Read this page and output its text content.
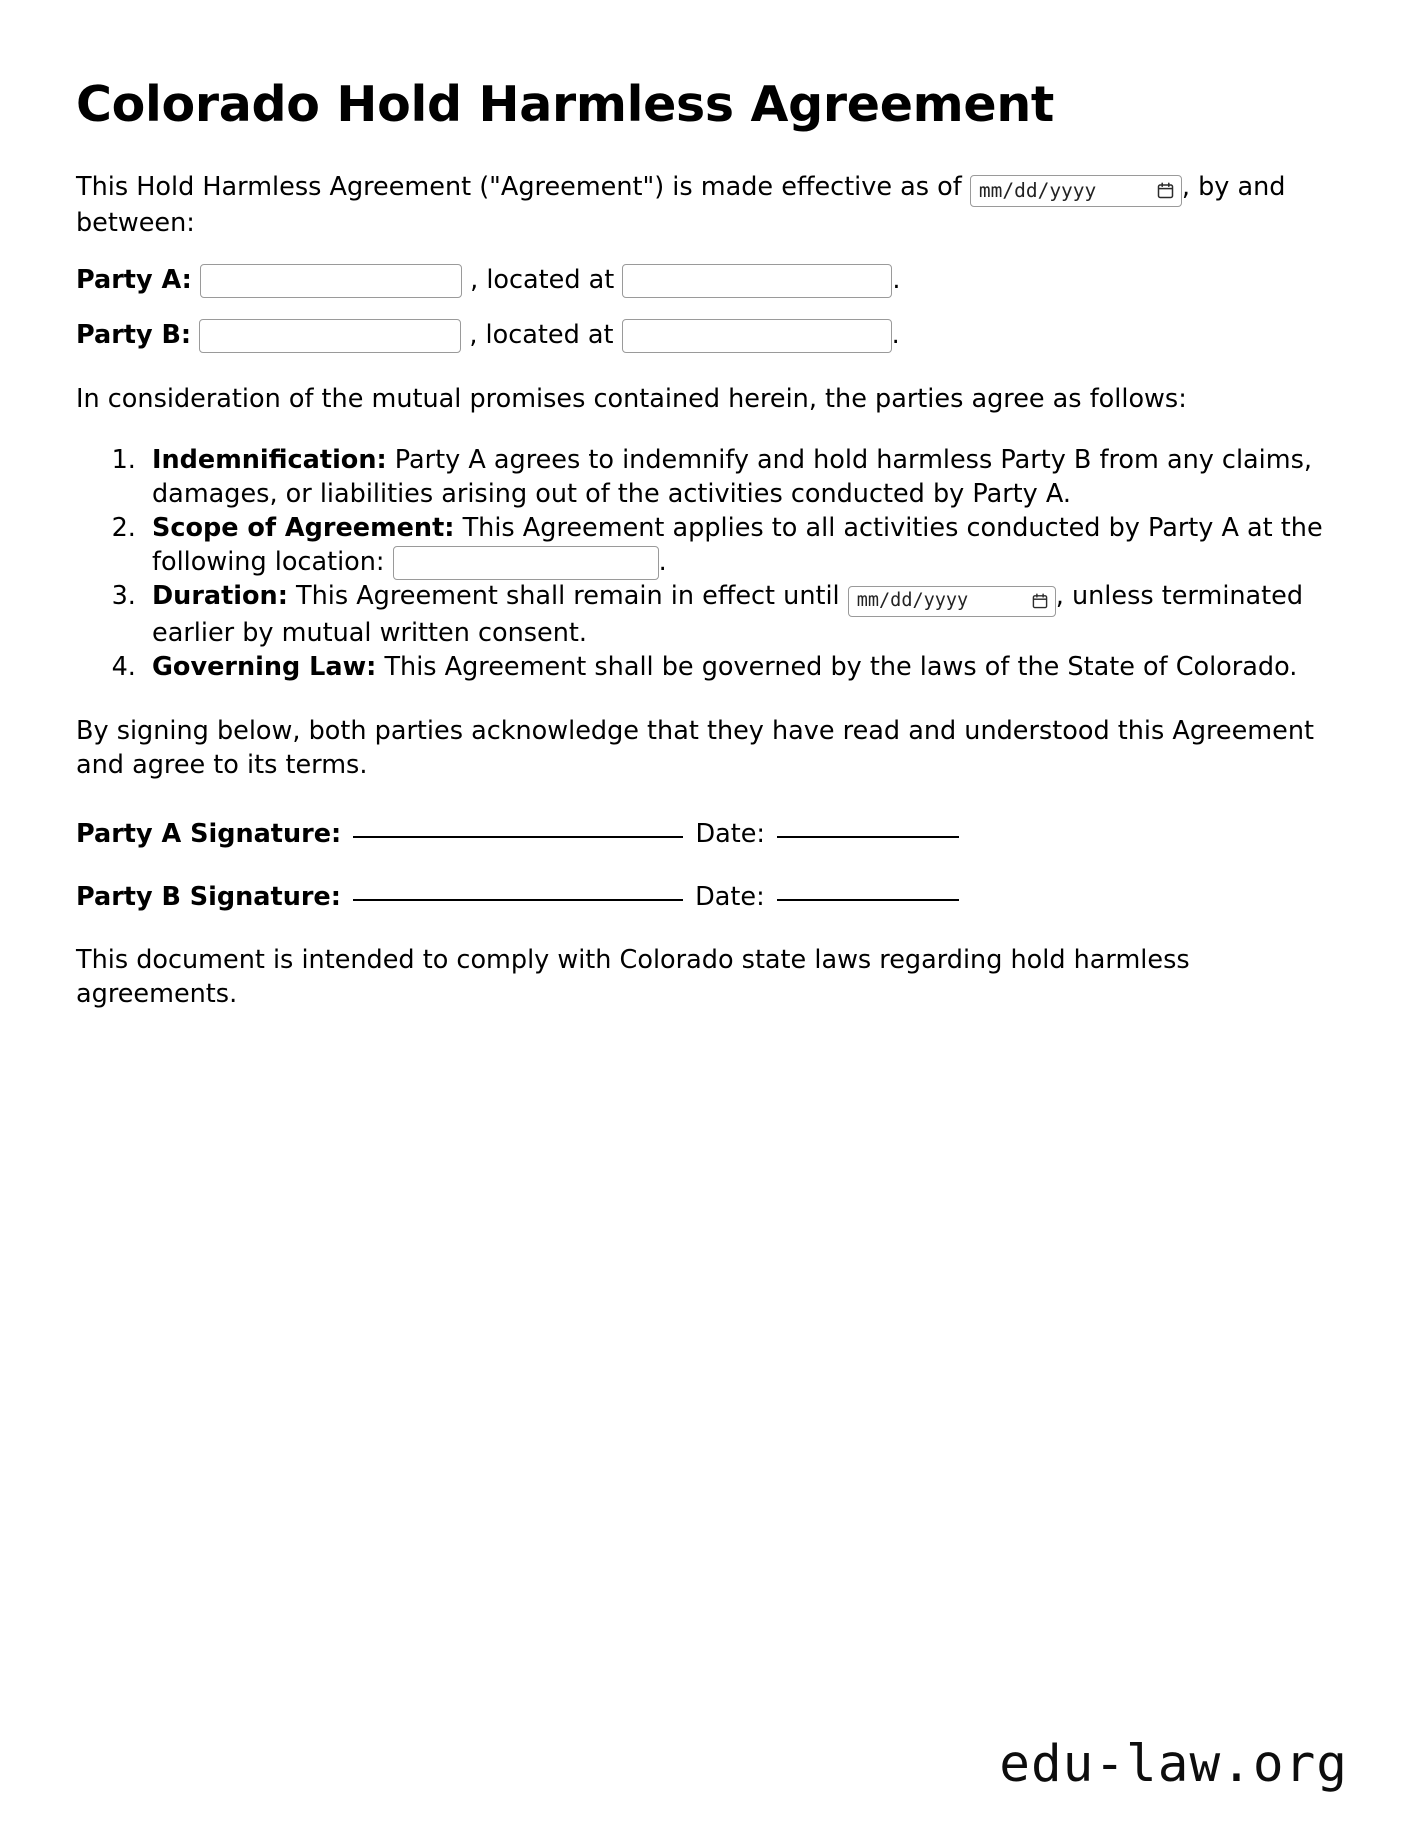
Colorado Hold Harmless Agreement

This Hold Harmless Agreement ("Agreement") is made effective as of mm/dd/yyyy	, by and between:

Party A:	, located at	.
Party B:	, located at	.

In consideration of the mutual promises contained herein, the parties agree as follows:

1. Indemnification: Party A agrees to indemnify and hold harmless Party B from any claims, damages, or liabilities arising out of the activities conducted by Party A.
2. Scope of Agreement: This Agreement applies to all activities conducted by Party A at the following location:	.
3. Duration: This Agreement shall remain in effect until mm/dd/yyyy	, unless terminated earlier by mutual written consent.
4. Governing Law: This Agreement shall be governed by the laws of the State of Colorado.

By signing below, both parties acknowledge that they have read and understood this Agreement and agree to its terms.

Party A Signature:	Date:
Party B Signature:	Date:

This document is intended to comply with Colorado state laws regarding hold harmless agreements.

edu-law.org
